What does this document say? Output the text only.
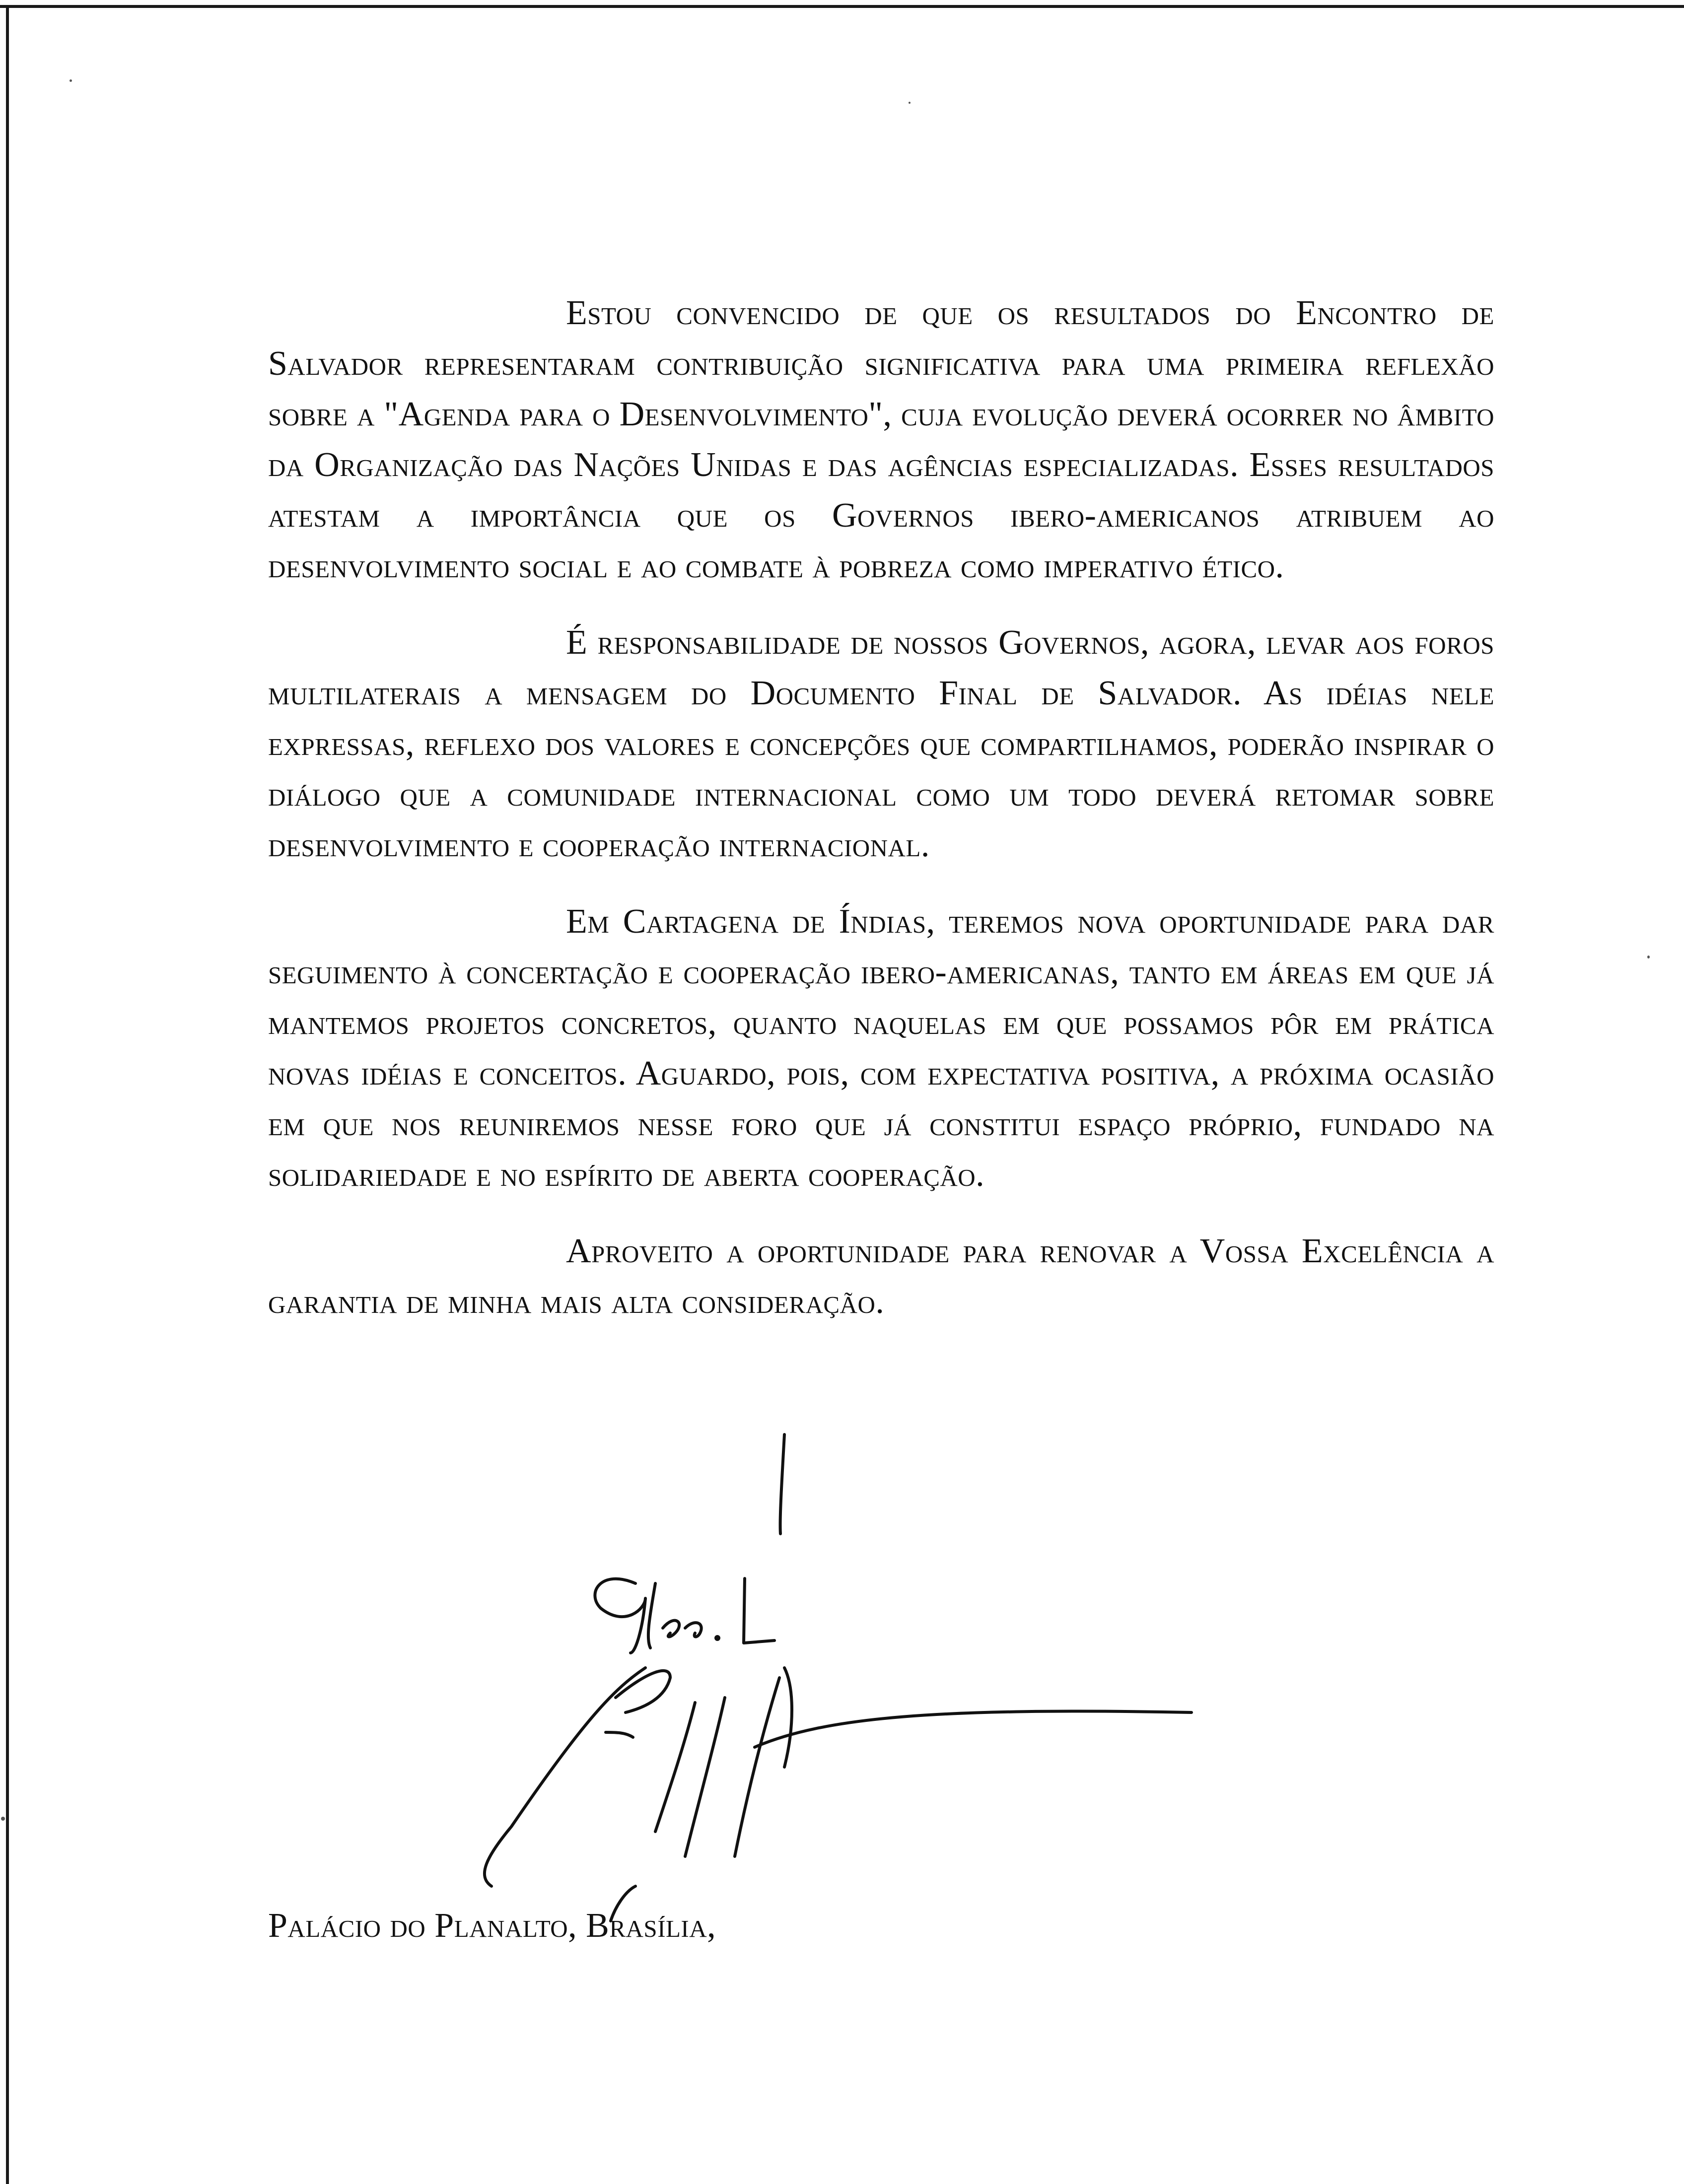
Estou convencido de que os resultados do Encontro de Salvador representaram contribuição significativa para uma primeira reflexão sobre a "Agenda para o Desenvolvimento", cuja evolução deverá ocorrer no âmbito da Organização das Nações Unidas e das agências especializadas. Esses resultados atestam a importância que os Governos ibero-americanos atribuem ao desenvolvimento social e ao combate à pobreza como imperativo ético.

É responsabilidade de nossos Governos, agora, levar aos foros multilaterais a mensagem do Documento Final de Salvador. As idéias nele expressas, reflexo dos valores e concepções que compartilhamos, poderão inspirar o diálogo que a comunidade internacional como um todo deverá retomar sobre desenvolvimento e cooperação internacional.

Em Cartagena de Índias, teremos nova oportunidade para dar seguimento à concertação e cooperação ibero-americanas, tanto em áreas em que já mantemos projetos concretos, quanto naquelas em que possamos pôr em prática novas idéias e conceitos. Aguardo, pois, com expectativa positiva, a próxima ocasião em que nos reuniremos nesse foro que já constitui espaço próprio, fundado na solidariedade e no espírito de aberta cooperação.

Aproveito a oportunidade para renovar a Vossa Excelência a garantia de minha mais alta consideração.

Palácio do Planalto, Brasília,
